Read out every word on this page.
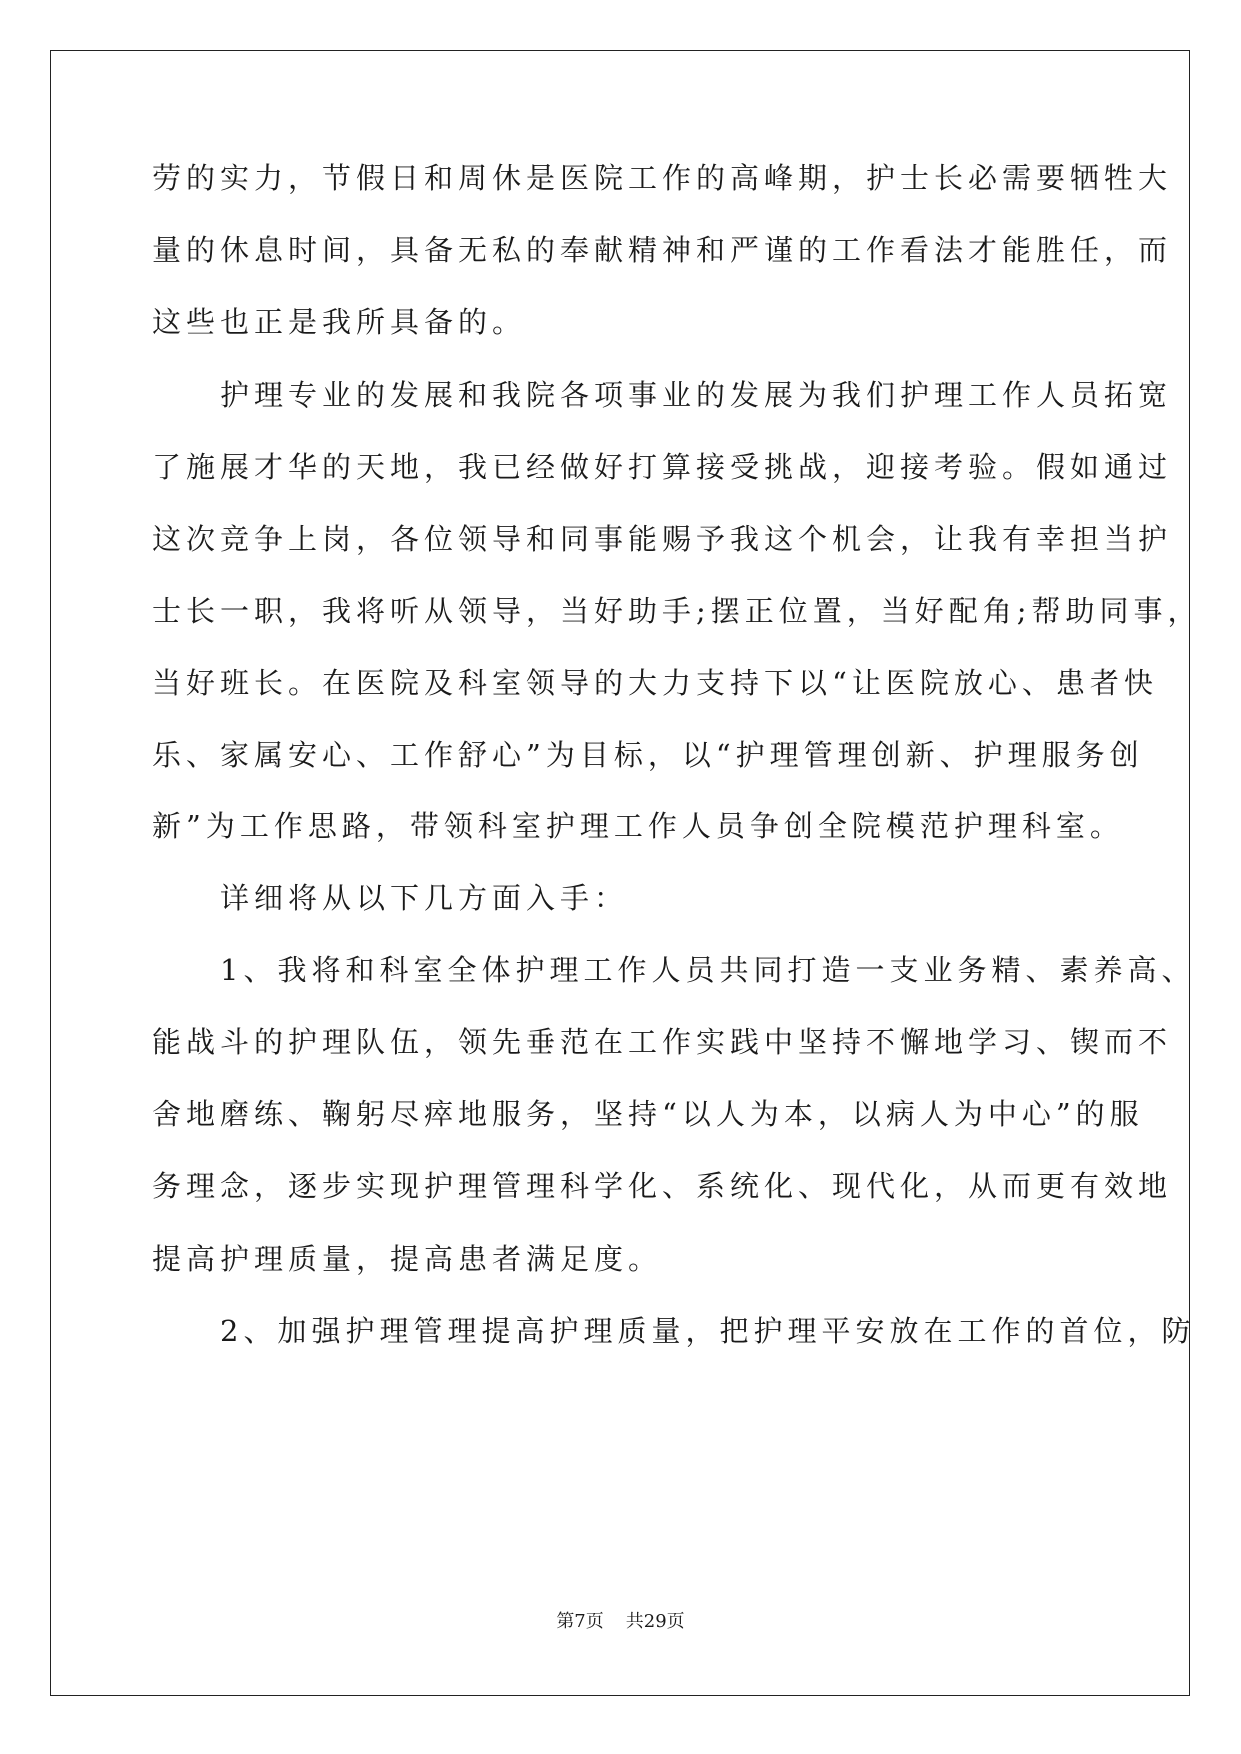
劳的实力，节假日和周休是医院工作的高峰期，护士长必需要牺牲大
量的休息时间，具备无私的奉献精神和严谨的工作看法才能胜任，而
这些也正是我所具备的。
　　护理专业的发展和我院各项事业的发展为我们护理工作人员拓宽
了施展才华的天地，我已经做好打算接受挑战，迎接考验。假如通过
这次竞争上岗，各位领导和同事能赐予我这个机会，让我有幸担当护
士长一职，我将听从领导，当好助手;摆正位置，当好配角;帮助同事，
当好班长。在医院及科室领导的大力支持下以“让医院放心、患者快
乐、家属安心、工作舒心”为目标，以“护理管理创新、护理服务创
新”为工作思路，带领科室护理工作人员争创全院模范护理科室。
　　详细将从以下几方面入手：
　　1、我将和科室全体护理工作人员共同打造一支业务精、素养高、
能战斗的护理队伍，领先垂范在工作实践中坚持不懈地学习、锲而不
舍地磨练、鞠躬尽瘁地服务，坚持“以人为本，以病人为中心”的服
务理念，逐步实现护理管理科学化、系统化、现代化，从而更有效地
提高护理质量，提高患者满足度。
　　2、加强护理管理提高护理质量，把护理平安放在工作的首位，防
第7页 共29页
